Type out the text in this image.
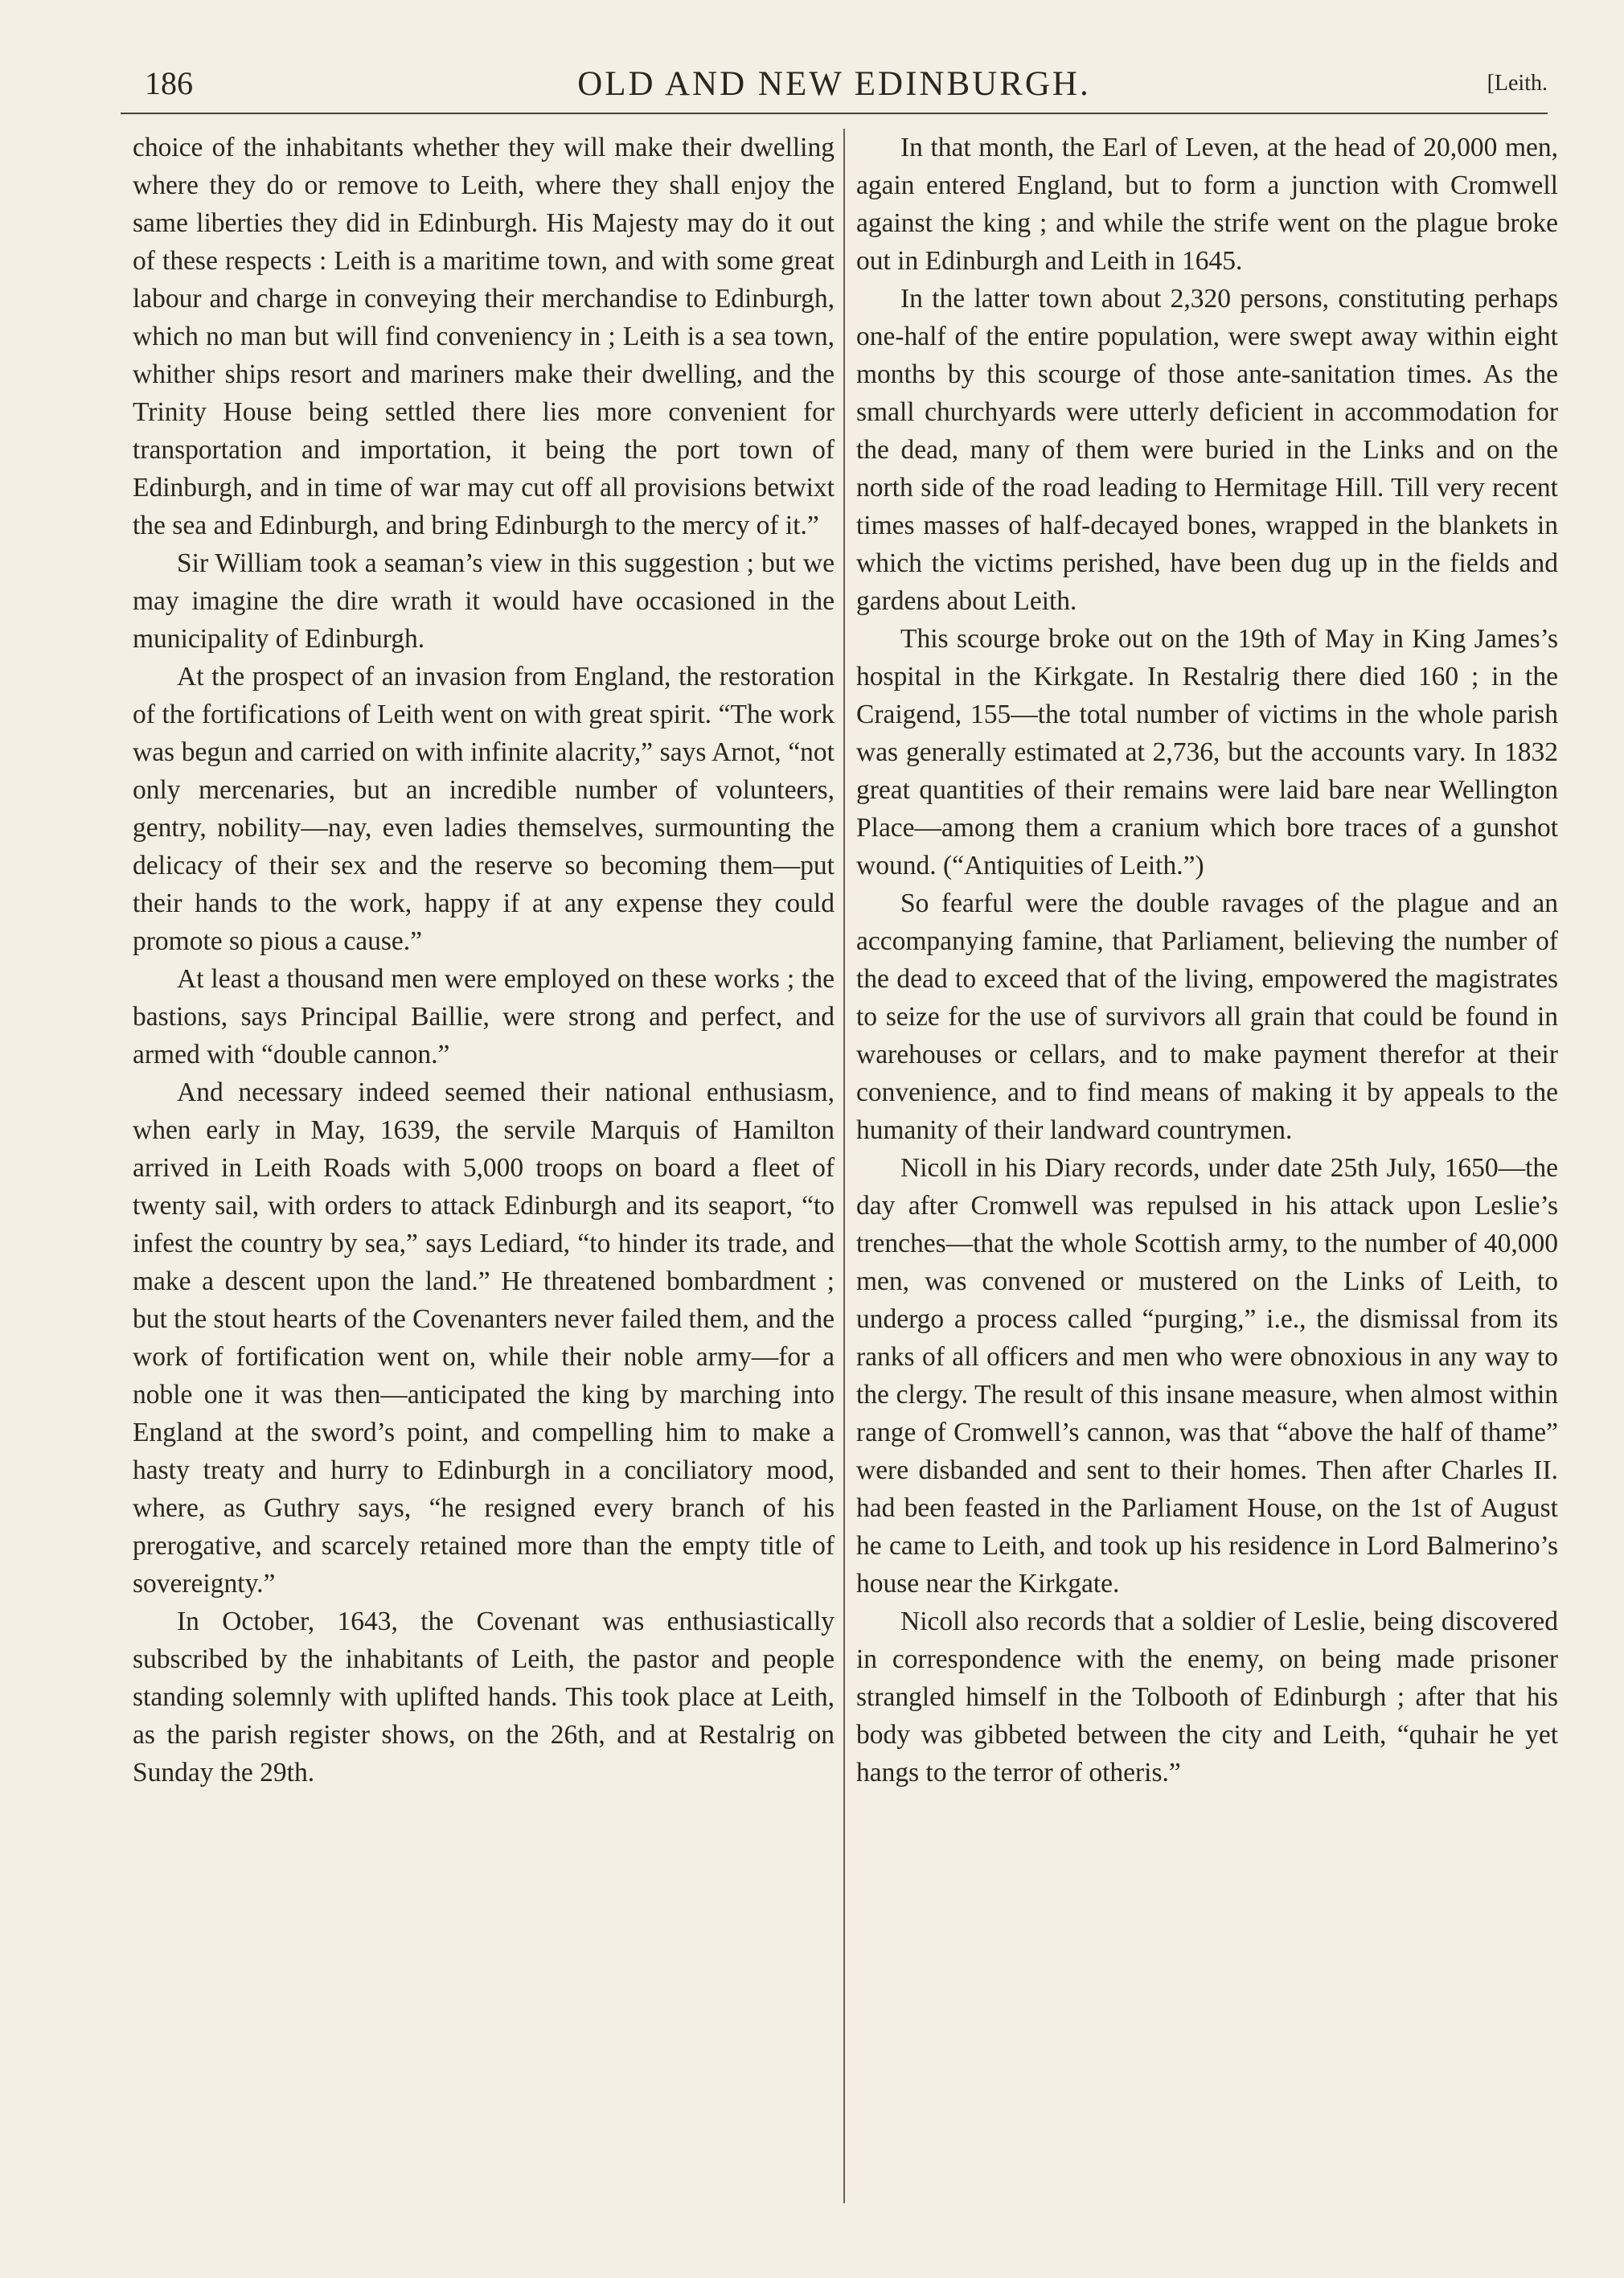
186	OLD AND NEW EDINBURGH.	[Leith.

choice of the inhabitants whether they will make their dwelling where they do or remove to Leith, where they shall enjoy the same liberties they did in Edinburgh. His Majesty may do it out of these respects : Leith is a maritime town, and with some great labour and charge in conveying their merchandise to Edinburgh, which no man but will find conveniency in ; Leith is a sea town, whither ships resort and mariners make their dwelling, and the Trinity House being settled there lies more convenient for transportation and importation, it being the port town of Edinburgh, and in time of war may cut off all provisions betwixt the sea and Edinburgh, and bring Edinburgh to the mercy of it.”

Sir William took a seaman’s view in this suggestion ; but we may imagine the dire wrath it would have occasioned in the municipality of Edinburgh.

At the prospect of an invasion from England, the restoration of the fortifications of Leith went on with great spirit. “The work was begun and carried on with infinite alacrity,” says Arnot, “not only mercenaries, but an incredible number of volunteers, gentry, nobility—nay, even ladies themselves, surmounting the delicacy of their sex and the reserve so becoming them—put their hands to the work, happy if at any expense they could promote so pious a cause.”

At least a thousand men were employed on these works ; the bastions, says Principal Baillie, were strong and perfect, and armed with “double cannon.”

And necessary indeed seemed their national enthusiasm, when early in May, 1639, the servile Marquis of Hamilton arrived in Leith Roads with 5,000 troops on board a fleet of twenty sail, with orders to attack Edinburgh and its seaport, “to infest the country by sea,” says Lediard, “to hinder its trade, and make a descent upon the land.” He threatened bombardment ; but the stout hearts of the Covenanters never failed them, and the work of fortification went on, while their noble army—for a noble one it was then—anticipated the king by marching into England at the sword’s point, and compelling him to make a hasty treaty and hurry to Edinburgh in a conciliatory mood, where, as Guthry says, “he resigned every branch of his prerogative, and scarcely retained more than the empty title of sovereignty.”

In October, 1643, the Covenant was enthusiastically subscribed by the inhabitants of Leith, the pastor and people standing solemnly with uplifted hands. This took place at Leith, as the parish register shows, on the 26th, and at Restalrig on Sunday the 29th.

In that month, the Earl of Leven, at the head of 20,000 men, again entered England, but to form a junction with Cromwell against the king ; and while the strife went on the plague broke out in Edinburgh and Leith in 1645.

In the latter town about 2,320 persons, constituting perhaps one-half of the entire population, were swept away within eight months by this scourge of those ante-sanitation times. As the small churchyards were utterly deficient in accommodation for the dead, many of them were buried in the Links and on the north side of the road leading to Hermitage Hill. Till very recent times masses of half-decayed bones, wrapped in the blankets in which the victims perished, have been dug up in the fields and gardens about Leith.

This scourge broke out on the 19th of May in King James’s hospital in the Kirkgate. In Restalrig there died 160 ; in the Craigend, 155—the total number of victims in the whole parish was generally estimated at 2,736, but the accounts vary. In 1832 great quantities of their remains were laid bare near Wellington Place—among them a cranium which bore traces of a gunshot wound. (“Antiquities of Leith.”)

So fearful were the double ravages of the plague and an accompanying famine, that Parliament, believing the number of the dead to exceed that of the living, empowered the magistrates to seize for the use of survivors all grain that could be found in warehouses or cellars, and to make payment therefor at their convenience, and to find means of making it by appeals to the humanity of their landward countrymen.

Nicoll in his Diary records, under date 25th July, 1650—the day after Cromwell was repulsed in his attack upon Leslie’s trenches—that the whole Scottish army, to the number of 40,000 men, was convened or mustered on the Links of Leith, to undergo a process called “purging,” i.e., the dismissal from its ranks of all officers and men who were obnoxious in any way to the clergy. The result of this insane measure, when almost within range of Cromwell’s cannon, was that “above the half of thame” were disbanded and sent to their homes. Then after Charles II. had been feasted in the Parliament House, on the 1st of August he came to Leith, and took up his residence in Lord Balmerino’s house near the Kirkgate.

Nicoll also records that a soldier of Leslie, being discovered in correspondence with the enemy, on being made prisoner strangled himself in the Tolbooth of Edinburgh ; after that his body was gibbeted between the city and Leith, “quhair he yet hangs to the terror of otheris.”
